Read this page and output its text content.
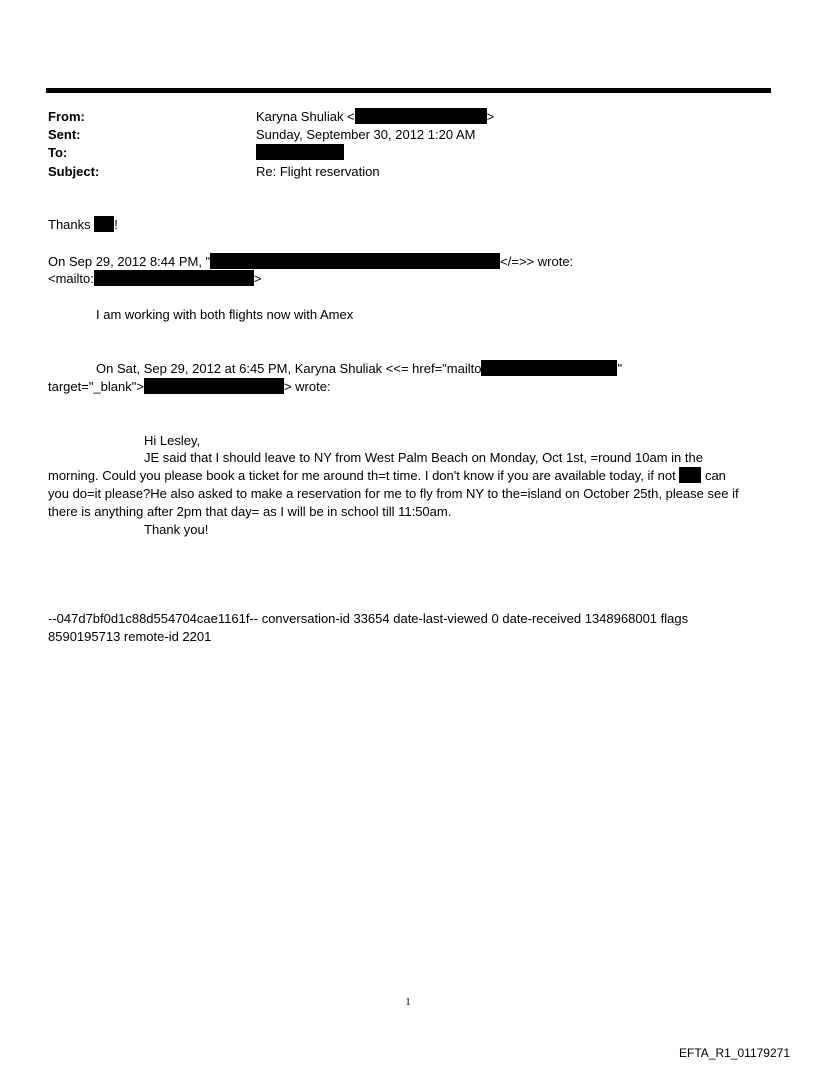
From:	Karyna Shuliak <	>
Sent:	Sunday, September 30, 2012 1:20 AM
To:
Subject:	Re: Flight reservation
Thanks !
On Sep 29, 2012 8:44 PM, "	</=>> wrote:
<mailto:	>
I am working with both flights now with Amex
On Sat, Sep 29, 2012 at 6:45 PM, Karyna Shuliak <<= href="mailto	"
target="_blank">	> wrote:
Hi Lesley,
JE said that I should leave to NY from West Palm Beach on Monday, Oct 1st, =round 10am in the
morning. Could you please book a ticket for me around th=t time. I don't know if you are available today, if not can
you do=it please?He also asked to make a reservation for me to fly from NY to the=island on October 25th, please see if
there is anything after 2pm that day= as I will be in school till 11:50am.
Thank you!
--047d7bf0d1c88d554704cae1161f-- conversation-id 33654 date-last-viewed 0 date-received 1348968001 flags
8590195713 remote-id 2201
1
EFTA_R1_01179271
